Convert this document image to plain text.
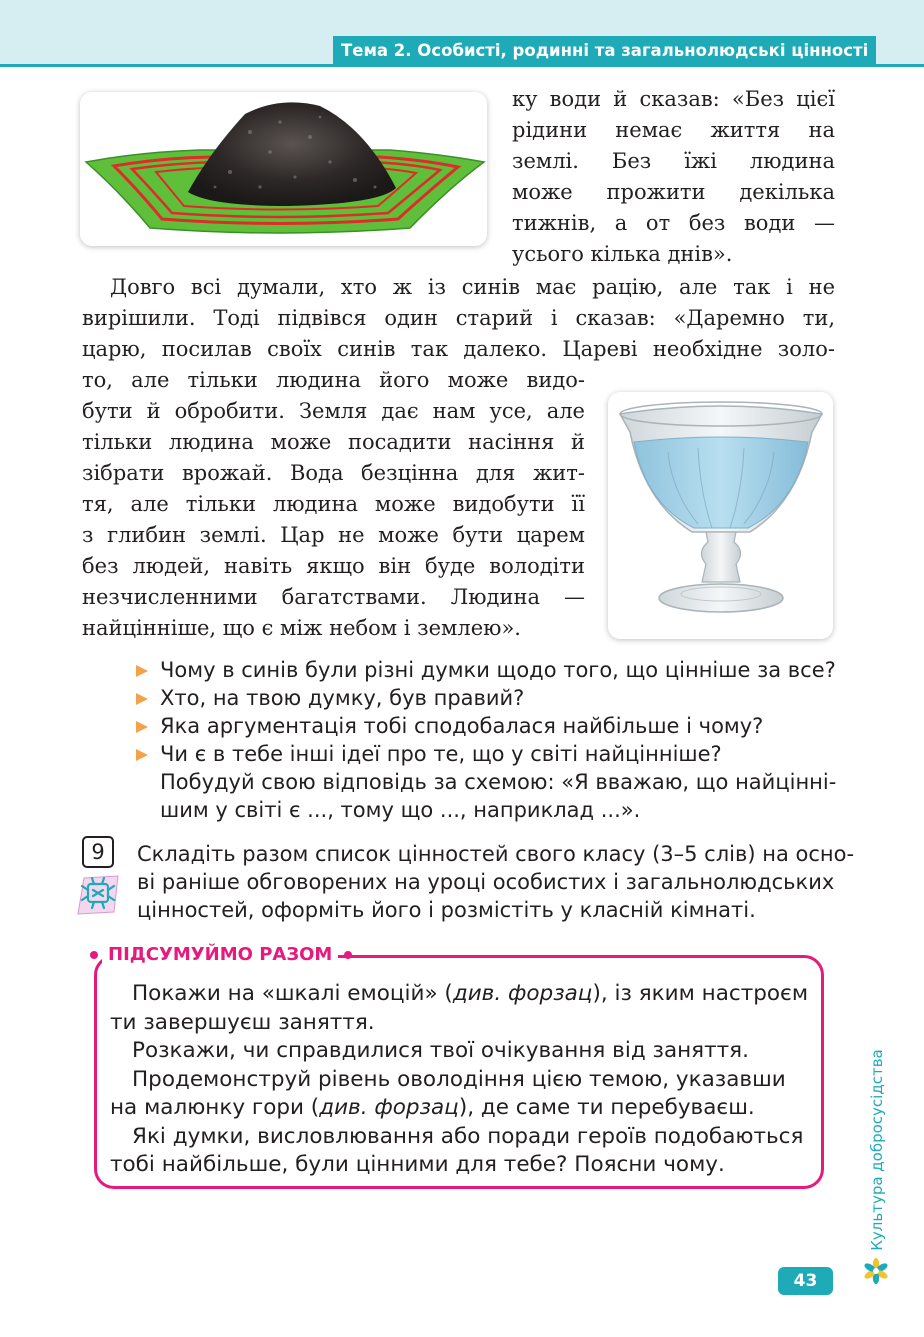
Тема 2. Особисті, родинні та загальнолюдські цінності
ку води й сказав: «Без цієї
рідини немає життя на
землі. Без їжі людина
може прожити декілька
тижнів, а от без води —
усього кілька днів».
Довго всі думали, хто ж із синів має рацію, але так і не
вирішили. Тоді підвівся один старий і сказав: «Даремно ти,
царю, посилав своїх синів так далеко. Цареві необхідне золо-
то, але тільки людина його може видо-
бути й обробити. Земля дає нам усе, але
тільки людина може посадити насіння й
зібрати врожай. Вода безцінна для жит-
тя, але тільки людина може видобути її
з глибин землі. Цар не може бути царем
без людей, навіть якщо він буде володіти
незчисленними багатствами. Людина —
найцінніше, що є між небом і землею».
Чому в синів були різні думки щодо того, що цінніше за все?
Хто, на твою думку, був правий?
Яка аргументація тобі сподобалася найбільше і чому?
Чи є в тебе інші ідеї про те, що у світі найцінніше?
Побудуй свою відповідь за схемою: «Я вважаю, що найцінні-
шим у світі є ..., тому що ..., наприклад ...».
9	Складіть разом список цінностей свого класу (3–5 слів) на осно-
ві раніше обговорених на уроці особистих і загальнолюдських
цінностей, оформіть його і розмістіть у класній кімнаті.
ПІДСУМУЙМО РАЗОМ
Покажи на «шкалі емоцій» (див. форзац), із яким настроєм
ти завершуєш заняття.
Розкажи, чи справдилися твої очікування від заняття.
Продемонструй рівень оволодіння цією темою, указавши
на малюнку гори (див. форзац), де саме ти перебуваєш.
Які думки, висловлювання або поради героїв подобаються
тобі найбільше, були цінними для тебе? Поясни чому.	Культура добросусідства
43
